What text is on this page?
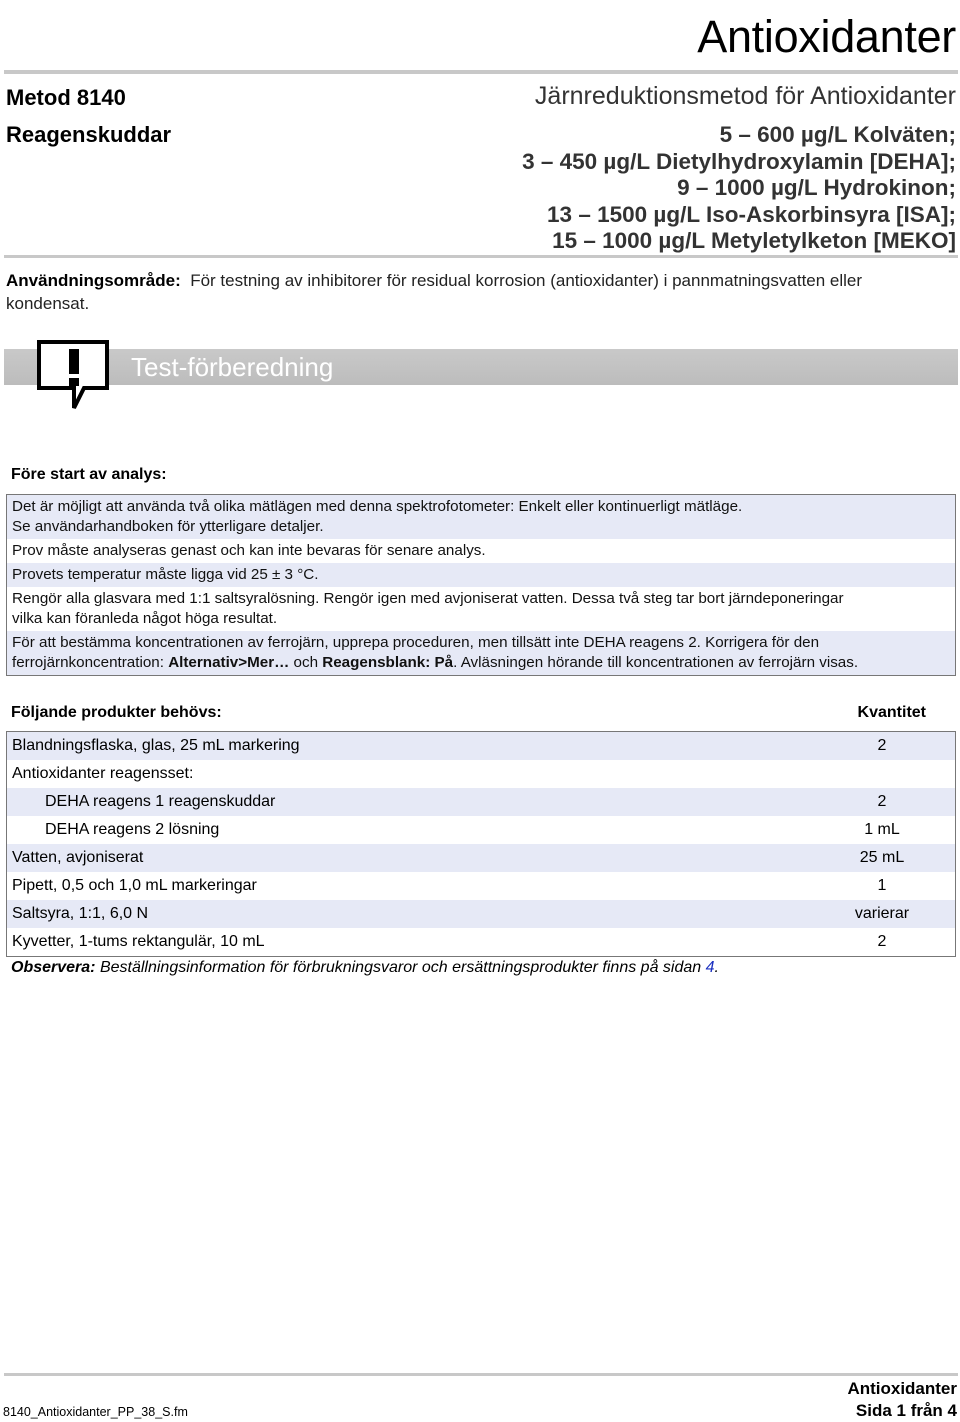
Antioxidanter
Metod 8140
Reagenskuddar
Järnreduktionsmetod för Antioxidanter
5 – 600 µg/L Kolväten;
3 – 450 µg/L Dietylhydroxylamin [DEHA];
9 – 1000 µg/L Hydrokinon;
13 – 1500 µg/L Iso-Askorbinsyra [ISA];
15 – 1000 µg/L Metyletylketon [MEKO]
Användningsområde: För testning av inhibitorer för residual korrosion (antioxidanter) i pannmatningsvatten eller kondensat.
Test-förberedning
Före start av analys:
Det är möjligt att använda två olika mätlägen med denna spektrofotometer: Enkelt eller kontinuerligt mätläge.
Se användarhandboken för ytterligare detaljer.
Prov måste analyseras genast och kan inte bevaras för senare analys.
Provets temperatur måste ligga vid 25 ± 3 °C.
Rengör alla glasvara med 1:1 saltsyralösning. Rengör igen med avjoniserat vatten. Dessa två steg tar bort järndeponeringar
vilka kan föranleda något höga resultat.
För att bestämma koncentrationen av ferrojärn, upprepa proceduren, men tillsätt inte DEHA reagens 2. Korrigera för den
ferrojärnkoncentration: Alternativ>Mer… och Reagensblank: På. Avläsningen hörande till koncentrationen av ferrojärn visas.
Följande produkter behövs:	Kvantitet
Blandningsflaska, glas, 25 mL markering	2
Antioxidanter reagensset:
DEHA reagens 1 reagenskuddar	2
DEHA reagens 2 lösning	1 mL
Vatten, avjoniserat	25 mL
Pipett, 0,5 och 1,0 mL markeringar	1
Saltsyra, 1:1, 6,0 N	varierar
Kyvetter, 1-tums rektangulär, 10 mL	2
Observera: Beställningsinformation för förbrukningsvaror och ersättningsprodukter finns på sidan 4.
8140_Antioxidanter_PP_38_S.fm
Antioxidanter
Sida 1 från 4
